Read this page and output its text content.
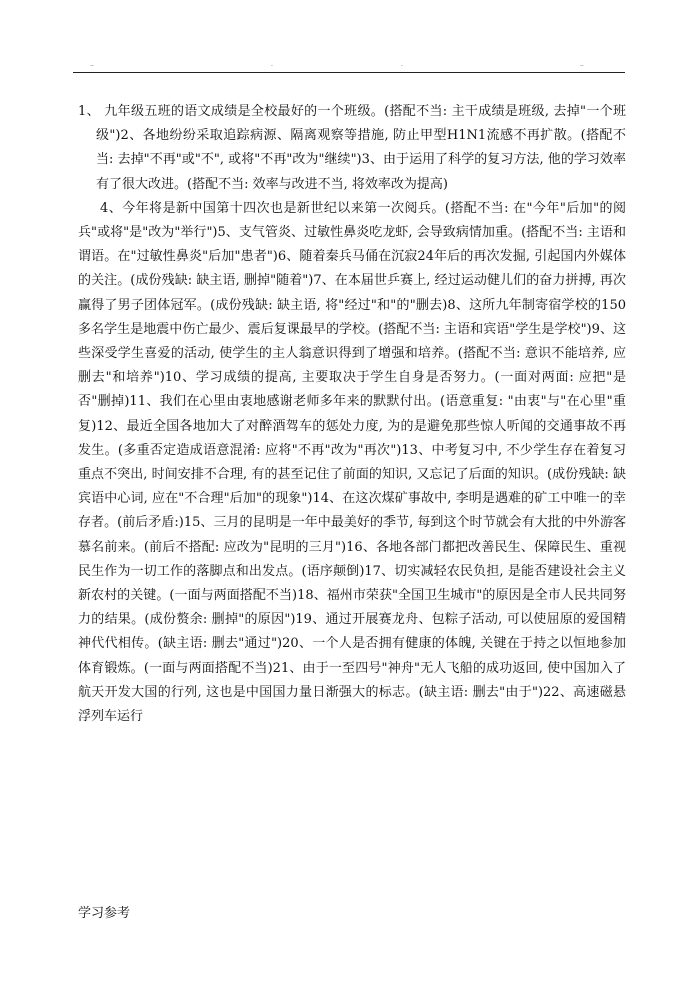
..	.	.	..

1、 九年级五班的语文成绩是全校最好的一个班级。(搭配不当: 主干成绩是班级, 去掉"一个班级")2、各地纷纷采取追踪病源、隔离观察等措施, 防止甲型H1N1流感不再扩散。(搭配不当: 去掉"不再"或"不", 或将"不再"改为"继续")3、由于运用了科学的复习方法, 他的学习效率有了很大改进。(搭配不当: 效率与改进不当, 将效率改为提高)

4、今年将是新中国第十四次也是新世纪以来第一次阅兵。(搭配不当: 在"今年"后加"的阅兵"或将"是"改为"举行")5、支气管炎、过敏性鼻炎吃龙虾, 会导致病情加重。(搭配不当: 主语和谓语。在"过敏性鼻炎"后加"患者")6、随着秦兵马俑在沉寂24年后的再次发掘, 引起国内外媒体的关注。(成份残缺: 缺主语, 删掉"随着")7、在本届世乒赛上, 经过运动健儿们的奋力拼搏, 再次赢得了男子团体冠军。(成份残缺: 缺主语, 将"经过"和"的"删去)8、这所九年制寄宿学校的150多名学生是地震中伤亡最少、震后复课最早的学校。(搭配不当: 主语和宾语"学生是学校")9、这些深受学生喜爱的活动, 使学生的主人翁意识得到了增强和培养。(搭配不当: 意识不能培养, 应删去"和培养")10、学习成绩的提高, 主要取决于学生自身是否努力。(一面对两面: 应把"是否"删掉)11、我们在心里由衷地感谢老师多年来的默默付出。(语意重复: "由衷"与"在心里"重复)12、最近全国各地加大了对醉酒驾车的惩处力度, 为的是避免那些惊人听闻的交通事故不再发生。(多重否定造成语意混淆: 应将"不再"改为"再次")13、中考复习中, 不少学生存在着复习重点不突出, 时间安排不合理, 有的甚至记住了前面的知识, 又忘记了后面的知识。(成份残缺: 缺宾语中心词, 应在"不合理"后加"的现象")14、在这次煤矿事故中, 李明是遇难的矿工中唯一的幸存者。(前后矛盾:)15、三月的昆明是一年中最美好的季节, 每到这个时节就会有大批的中外游客慕名前来。(前后不搭配: 应改为"昆明的三月")16、各地各部门都把改善民生、保障民生、重视民生作为一切工作的落脚点和出发点。(语序颠倒)17、切实减轻农民负担, 是能否建设社会主义新农村的关键。(一面与两面搭配不当)18、福州市荣获"全国卫生城市"的原因是全市人民共同努力的结果。(成份赘余: 删掉"的原因")19、通过开展赛龙舟、包粽子活动, 可以使屈原的爱国精神代代相传。(缺主语: 删去"通过")20、一个人是否拥有健康的体魄, 关键在于持之以恒地参加体育锻炼。(一面与两面搭配不当)21、由于一至四号"神舟"无人飞船的成功返回, 使中国加入了航天开发大国的行列, 这也是中国国力量日渐强大的标志。(缺主语: 删去"由于")22、高速磁悬浮列车运行

学习参考
